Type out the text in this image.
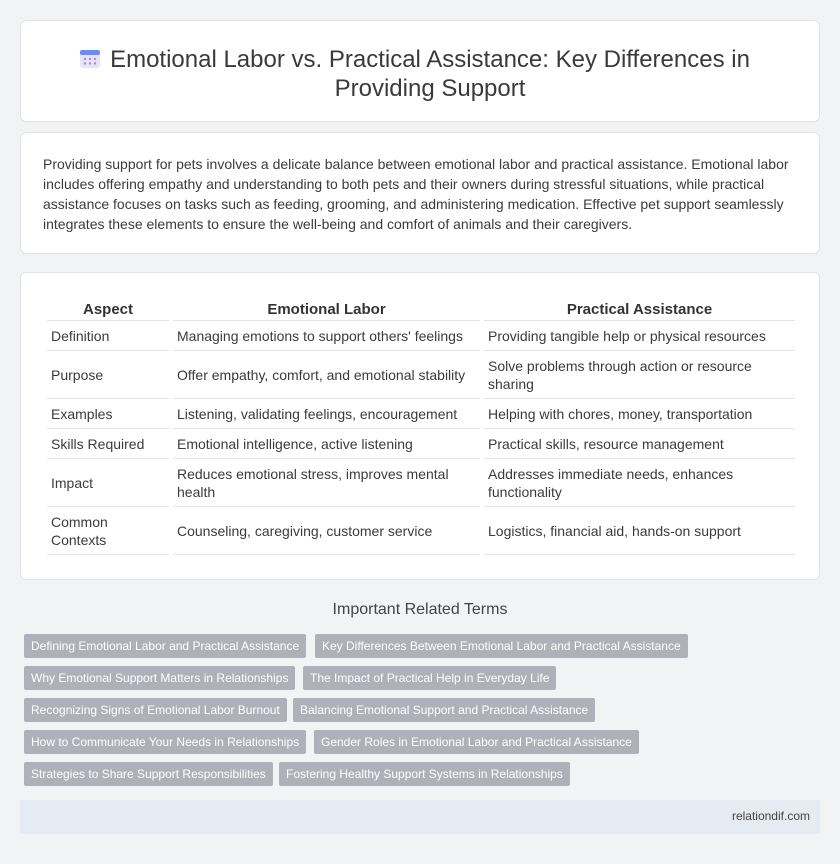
Emotional Labor vs. Practical Assistance: Key Differences in Providing Support

Providing support for pets involves a delicate balance between emotional labor and practical assistance. Emotional labor includes offering empathy and understanding to both pets and their owners during stressful situations, while practical assistance focuses on tasks such as feeding, grooming, and administering medication. Effective pet support seamlessly integrates these elements to ensure the well-being and comfort of animals and their caregivers.

Aspect	Emotional Labor	Practical Assistance
Definition	Managing emotions to support others' feelings	Providing tangible help or physical resources
Purpose	Offer empathy, comfort, and emotional stability	Solve problems through action or resource sharing
Examples	Listening, validating feelings, encouragement	Helping with chores, money, transportation
Skills Required	Emotional intelligence, active listening	Practical skills, resource management
Impact	Reduces emotional stress, improves mental health	Addresses immediate needs, enhances functionality
Common Contexts	Counseling, caregiving, customer service	Logistics, financial aid, hands-on support
Important Related Terms
Defining Emotional Labor and Practical Assistance	Key Differences Between Emotional Labor and Practical Assistance
Why Emotional Support Matters in Relationships	The Impact of Practical Help in Everyday Life
Recognizing Signs of Emotional Labor Burnout	Balancing Emotional Support and Practical Assistance
How to Communicate Your Needs in Relationships	Gender Roles in Emotional Labor and Practical Assistance
Strategies to Share Support Responsibilities	Fostering Healthy Support Systems in Relationships
relationdif.com
